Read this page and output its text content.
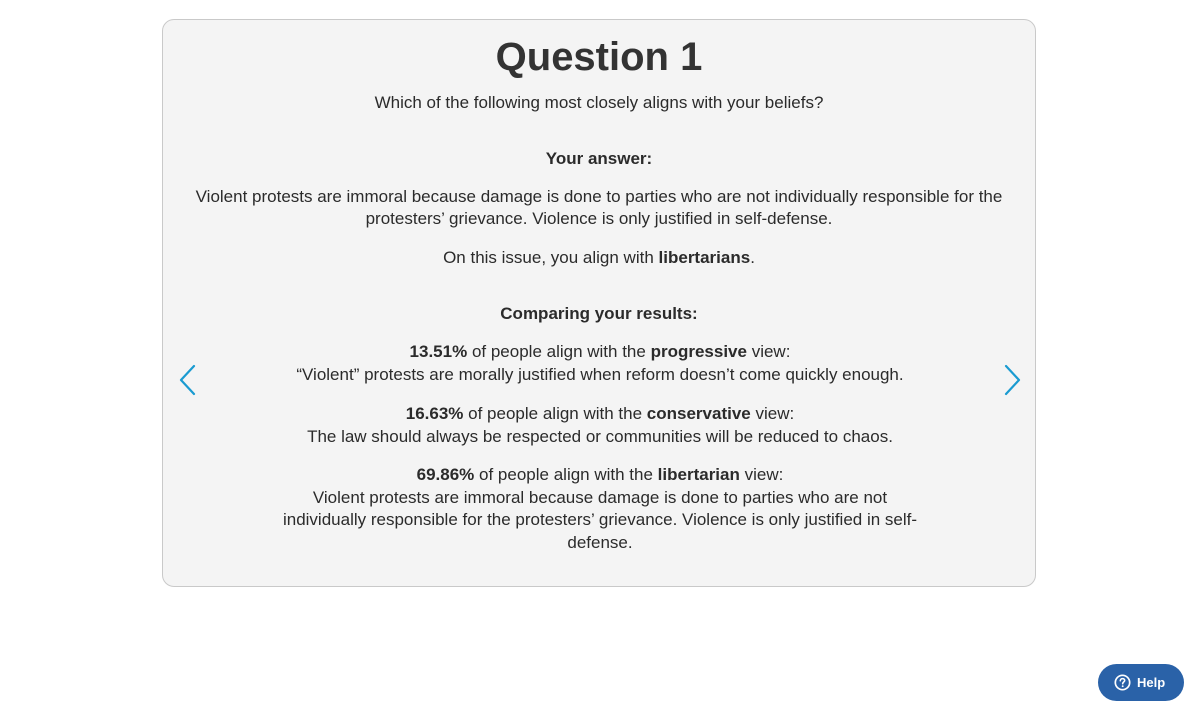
Question 1
Which of the following most closely aligns with your beliefs?
Your answer:
Violent protests are immoral because damage is done to parties who are not individually responsible for the
protesters’ grievance. Violence is only justified in self-defense.
On this issue, you align with libertarians.
Comparing your results:
13.51% of people align with the progressive view:
“Violent” protests are morally justified when reform doesn’t come quickly enough.
16.63% of people align with the conservative view:
The law should always be respected or communities will be reduced to chaos.
69.86% of people align with the libertarian view:
Violent protests are immoral because damage is done to parties who are not
individually responsible for the protesters’ grievance. Violence is only justified in self-
defense.
Help
